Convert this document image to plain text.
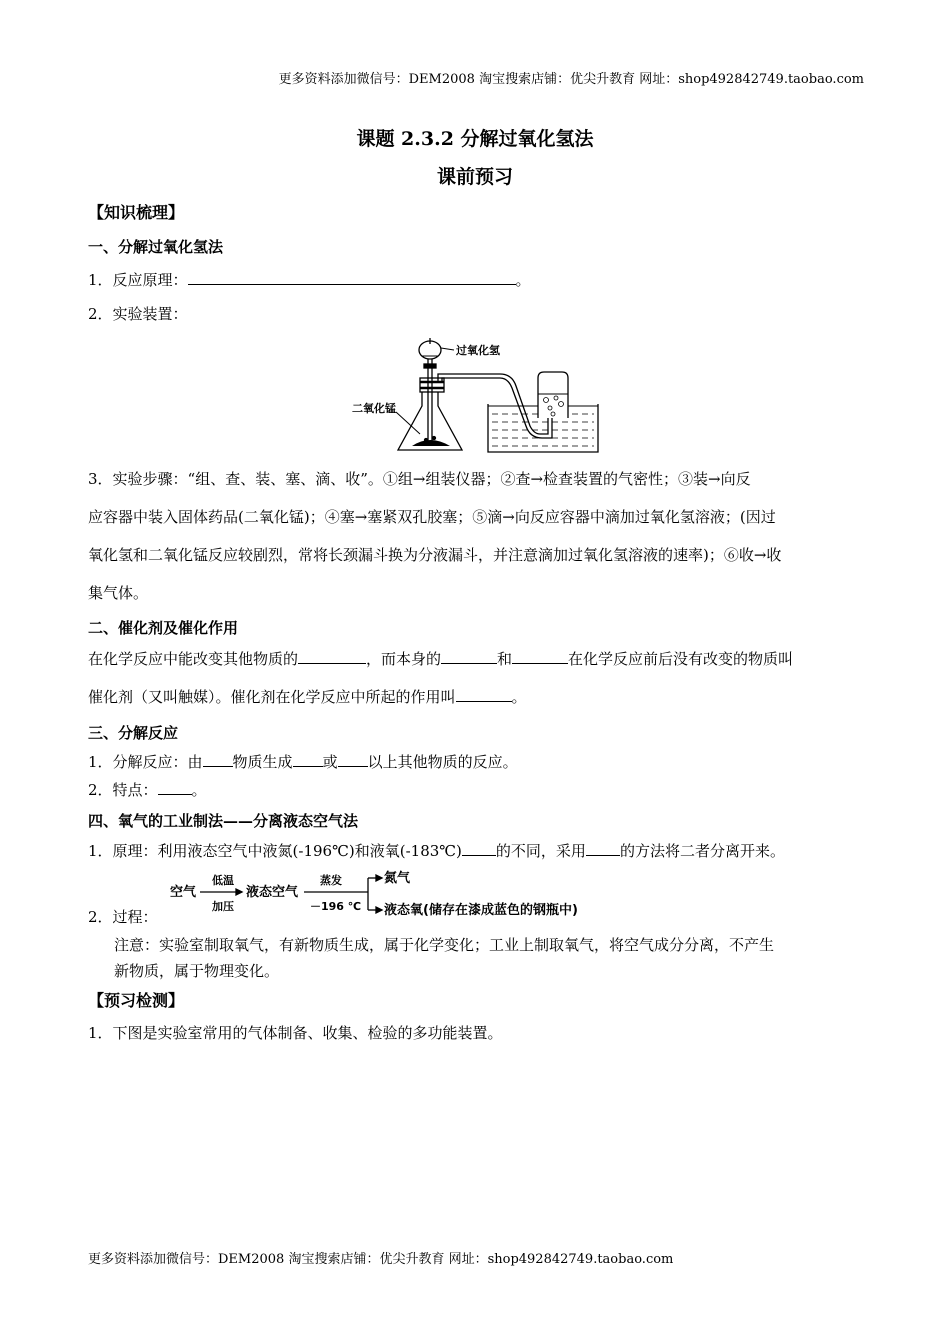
更多资料添加微信号：DEM2008 淘宝搜索店铺：优尖升教育 网址：shop492842749.taobao.com
课题 2.3.2 分解过氧化氢法
课前预习
【知识梳理】
一、分解过氧化氢法
1．反应原理：	。
2．实验装置：
过氧化氢
二氧化锰
3．实验步骤：“组、查、装、塞、滴、收”。①组→组装仪器；②查→检查装置的气密性；③装→向反
应容器中装入固体药品(二氧化锰)；④塞→塞紧双孔胶塞；⑤滴→向反应容器中滴加过氧化氢溶液；(因过
氧化氢和二氧化锰反应较剧烈，常将长颈漏斗换为分液漏斗，并注意滴加过氧化氢溶液的速率)；⑥收→收
集气体。
二、催化剂及催化作用
在化学反应中能改变其他物质的	，而本身的	和	在化学反应前后没有改变的物质叫
催化剂（又叫触媒）。催化剂在化学反应中所起的作用叫	。
三、分解反应
1．分解反应：由 物质生成 或 以上其他物质的反应。
2．特点： 。
四、氧气的工业制法——分离液态空气法
1．原理：利用液态空气中液氮(-196℃)和液氧(-183℃) 的不同，采用 的方法将二者分离开来。
2．过程：
空气
低温
加压
液态空气
蒸发
－196 ℃
氮气
液态氧(储存在漆成蓝色的钢瓶中)
注意：实验室制取氧气，有新物质生成，属于化学变化；工业上制取氧气，将空气成分分离，不产生
新物质，属于物理变化。
【预习检测】
1．下图是实验室常用的气体制备、收集、检验的多功能装置。
更多资料添加微信号：DEM2008 淘宝搜索店铺：优尖升教育 网址：shop492842749.taobao.com
